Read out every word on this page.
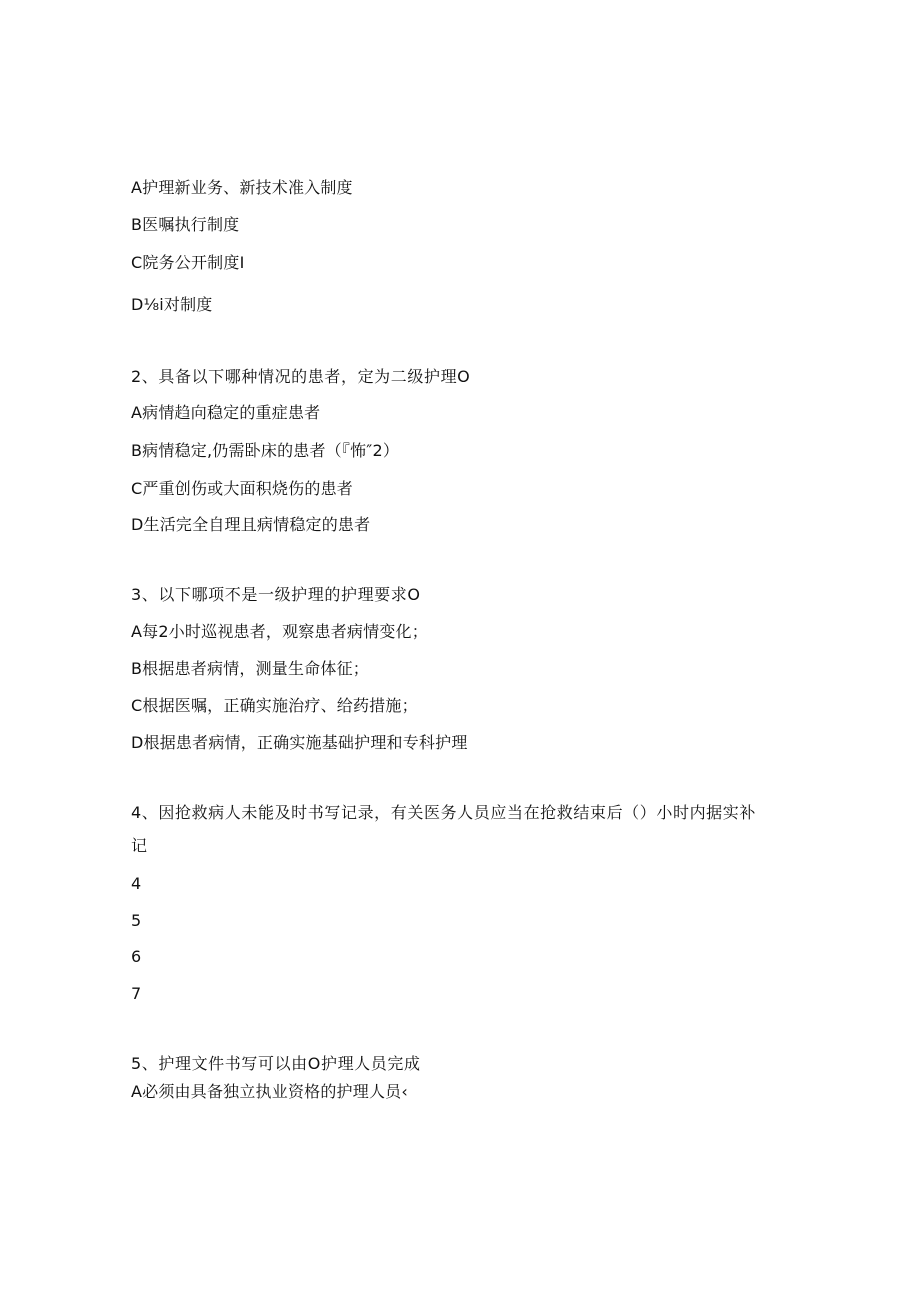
A护理新业务、新技术准入制度
B医嘱执行制度
C院务公开制度I
D⅛i对制度
2、具备以下哪种情况的患者，定为二级护理O
A病情趋向稳定的重症患者
B病情稳定,仍需卧床的患者（『怖″2）
C严重创伤或大面积烧伤的患者
D生活完全自理且病情稳定的患者
3、以下哪项不是一级护理的护理要求O
A每2小时巡视患者，观察患者病情变化；
B根据患者病情，测量生命体征；
C根据医嘱，正确实施治疗、给药措施；
D根据患者病情，正确实施基础护理和专科护理
4、因抢救病人未能及时书写记录，有关医务人员应当在抢救结束后（）小时内据实补
记
4
5
6
7
5、护理文件书写可以由O护理人员完成
A必须由具备独立执业资格的护理人员‹
